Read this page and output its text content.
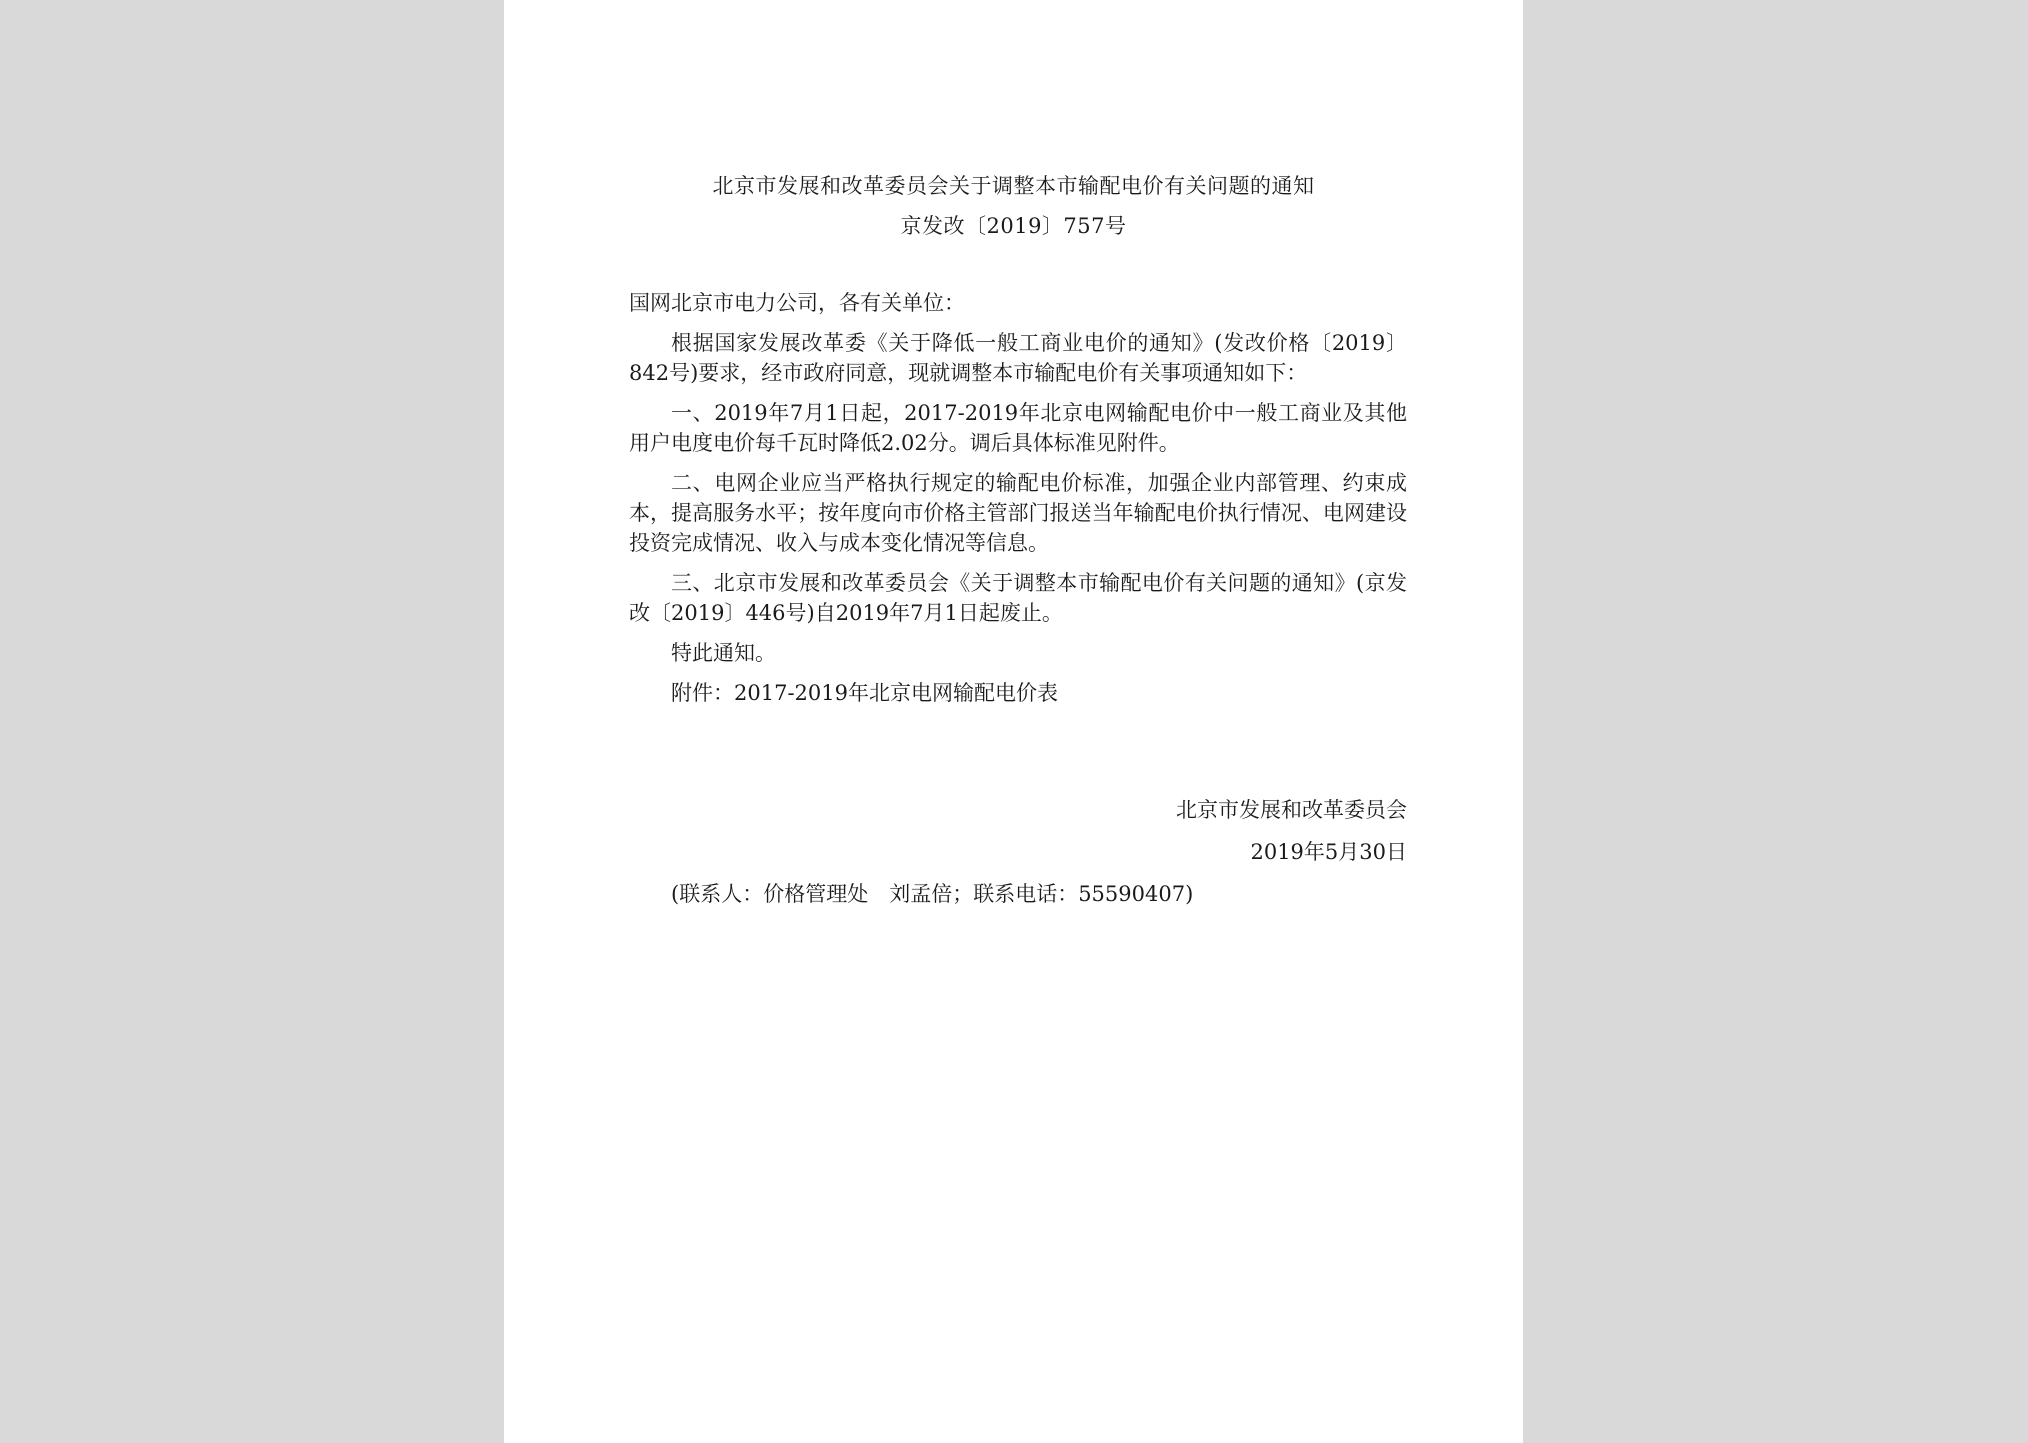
北京市发展和改革委员会关于调整本市输配电价有关问题的通知
京发改〔2019〕757号

国网北京市电力公司，各有关单位：

根据国家发展改革委《关于降低一般工商业电价的通知》(发改价格〔2019〕842号)要求，经市政府同意，现就调整本市输配电价有关事项通知如下：

一、2019年7月1日起，2017-2019年北京电网输配电价中一般工商业及其他用户电度电价每千瓦时降低2.02分。调后具体标准见附件。

二、电网企业应当严格执行规定的输配电价标准，加强企业内部管理、约束成本，提高服务水平；按年度向市价格主管部门报送当年输配电价执行情况、电网建设投资完成情况、收入与成本变化情况等信息。

三、北京市发展和改革委员会《关于调整本市输配电价有关问题的通知》(京发改〔2019〕446号)自2019年7月1日起废止。

特此通知。

附件：2017-2019年北京电网输配电价表

北京市发展和改革委员会

2019年5月30日

(联系人：价格管理处　刘孟倍；联系电话：55590407)
